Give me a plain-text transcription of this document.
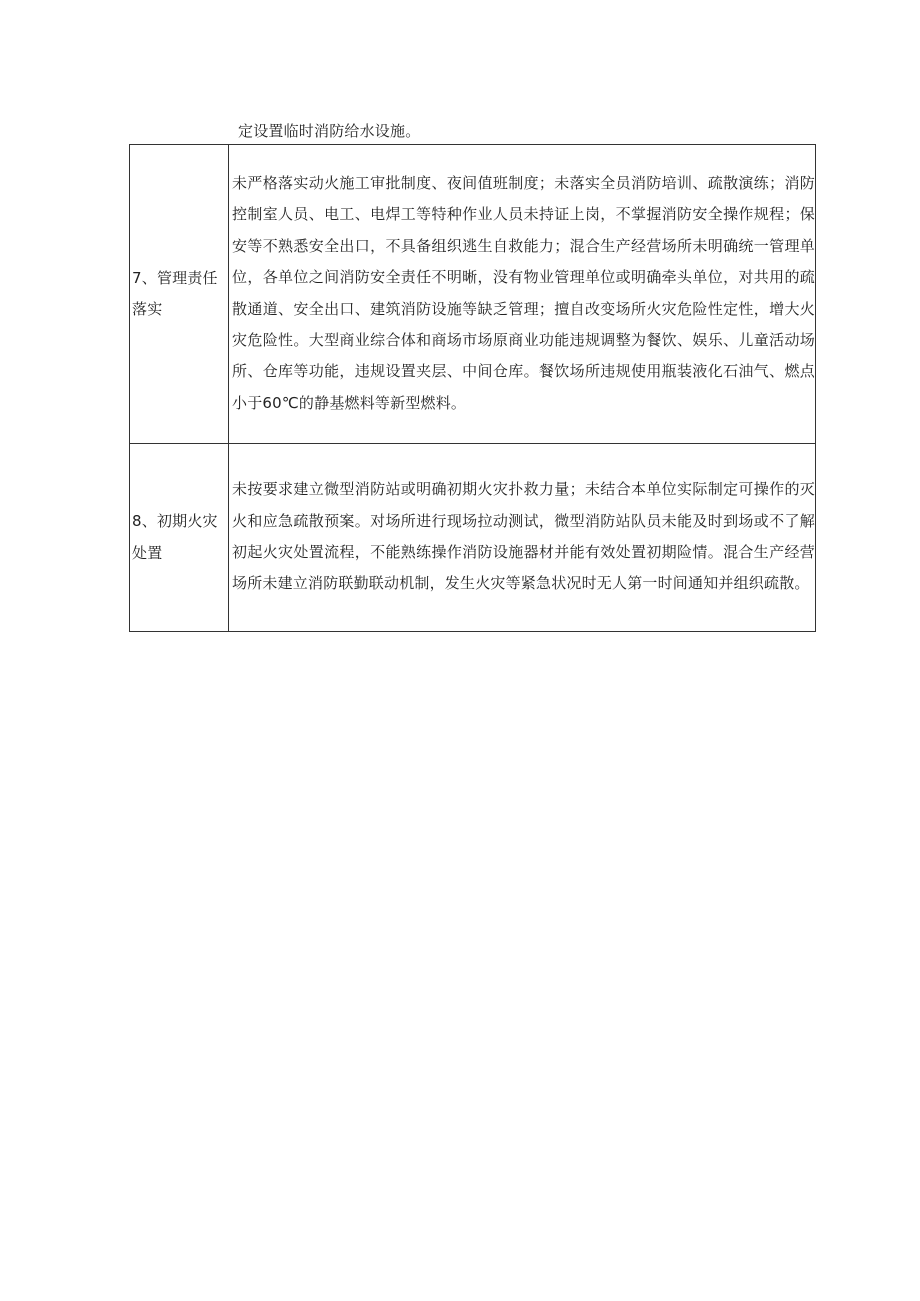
定设置临时消防给水设施。
7、管理责任落实	未严格落实动火施工审批制度、夜间值班制度；未落实全员消防培训、疏散演练；消防控制室人员、电工、电焊工等特种作业人员未持证上岗，不掌握消防安全操作规程；保安等不熟悉安全出口，不具备组织逃生自救能力；混合生产经营场所未明确统一管理单位，各单位之间消防安全责任不明晰，没有物业管理单位或明确牵头单位，对共用的疏散通道、安全出口、建筑消防设施等缺乏管理；擅自改变场所火灾危险性定性，增大火灾危险性。大型商业综合体和商场市场原商业功能违规调整为餐饮、娱乐、儿童活动场所、仓库等功能，违规设置夹层、中间仓库。餐饮场所违规使用瓶装液化石油气、燃点小于60℃的静基燃料等新型燃料。
8、初期火灾处置	未按要求建立微型消防站或明确初期火灾扑救力量；未结合本单位实际制定可操作的灭火和应急疏散预案。对场所进行现场拉动测试，微型消防站队员未能及时到场或不了解初起火灾处置流程，不能熟练操作消防设施器材并能有效处置初期险情。混合生产经营场所未建立消防联勤联动机制，发生火灾等紧急状况时无人第一时间通知并组织疏散。
